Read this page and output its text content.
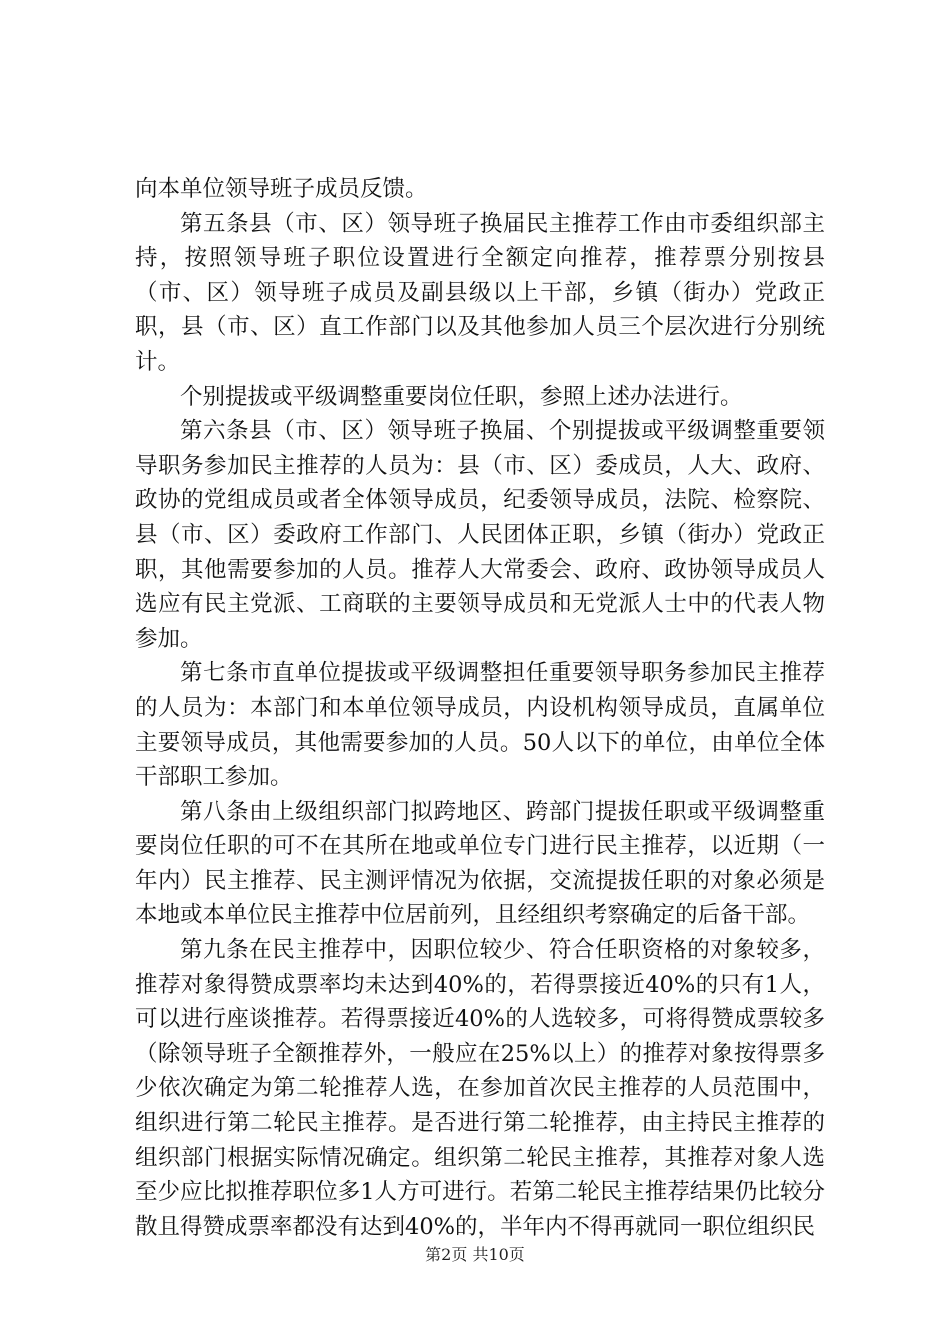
向本单位领导班子成员反馈。

第五条县（市、区）领导班子换届民主推荐工作由市委组织部主持，按照领导班子职位设置进行全额定向推荐，推荐票分别按县（市、区）领导班子成员及副县级以上干部，乡镇（街办）党政正职，县（市、区）直工作部门以及其他参加人员三个层次进行分别统计。

个别提拔或平级调整重要岗位任职，参照上述办法进行。

第六条县（市、区）领导班子换届、个别提拔或平级调整重要领导职务参加民主推荐的人员为：县（市、区）委成员，人大、政府、政协的党组成员或者全体领导成员，纪委领导成员，法院、检察院、县（市、区）委政府工作部门、人民团体正职，乡镇（街办）党政正职，其他需要参加的人员。推荐人大常委会、政府、政协领导成员人选应有民主党派、工商联的主要领导成员和无党派人士中的代表人物参加。

第七条市直单位提拔或平级调整担任重要领导职务参加民主推荐的人员为：本部门和本单位领导成员，内设机构领导成员，直属单位主要领导成员，其他需要参加的人员。50人以下的单位，由单位全体干部职工参加。

第八条由上级组织部门拟跨地区、跨部门提拔任职或平级调整重要岗位任职的可不在其所在地或单位专门进行民主推荐，以近期（一年内）民主推荐、民主测评情况为依据，交流提拔任职的对象必须是本地或本单位民主推荐中位居前列，且经组织考察确定的后备干部。

第九条在民主推荐中，因职位较少、符合任职资格的对象较多，推荐对象得赞成票率均未达到40%的，若得票接近40%的只有1人，可以进行座谈推荐。若得票接近40%的人选较多，可将得赞成票较多（除领导班子全额推荐外，一般应在25%以上）的推荐对象按得票多少依次确定为第二轮推荐人选，在参加首次民主推荐的人员范围中，组织进行第二轮民主推荐。是否进行第二轮推荐，由主持民主推荐的组织部门根据实际情况确定。组织第二轮民主推荐，其推荐对象人选至少应比拟推荐职位多1人方可进行。若第二轮民主推荐结果仍比较分散且得赞成票率都没有达到40%的，半年内不得再就同一职位组织民

第2页 共10页
